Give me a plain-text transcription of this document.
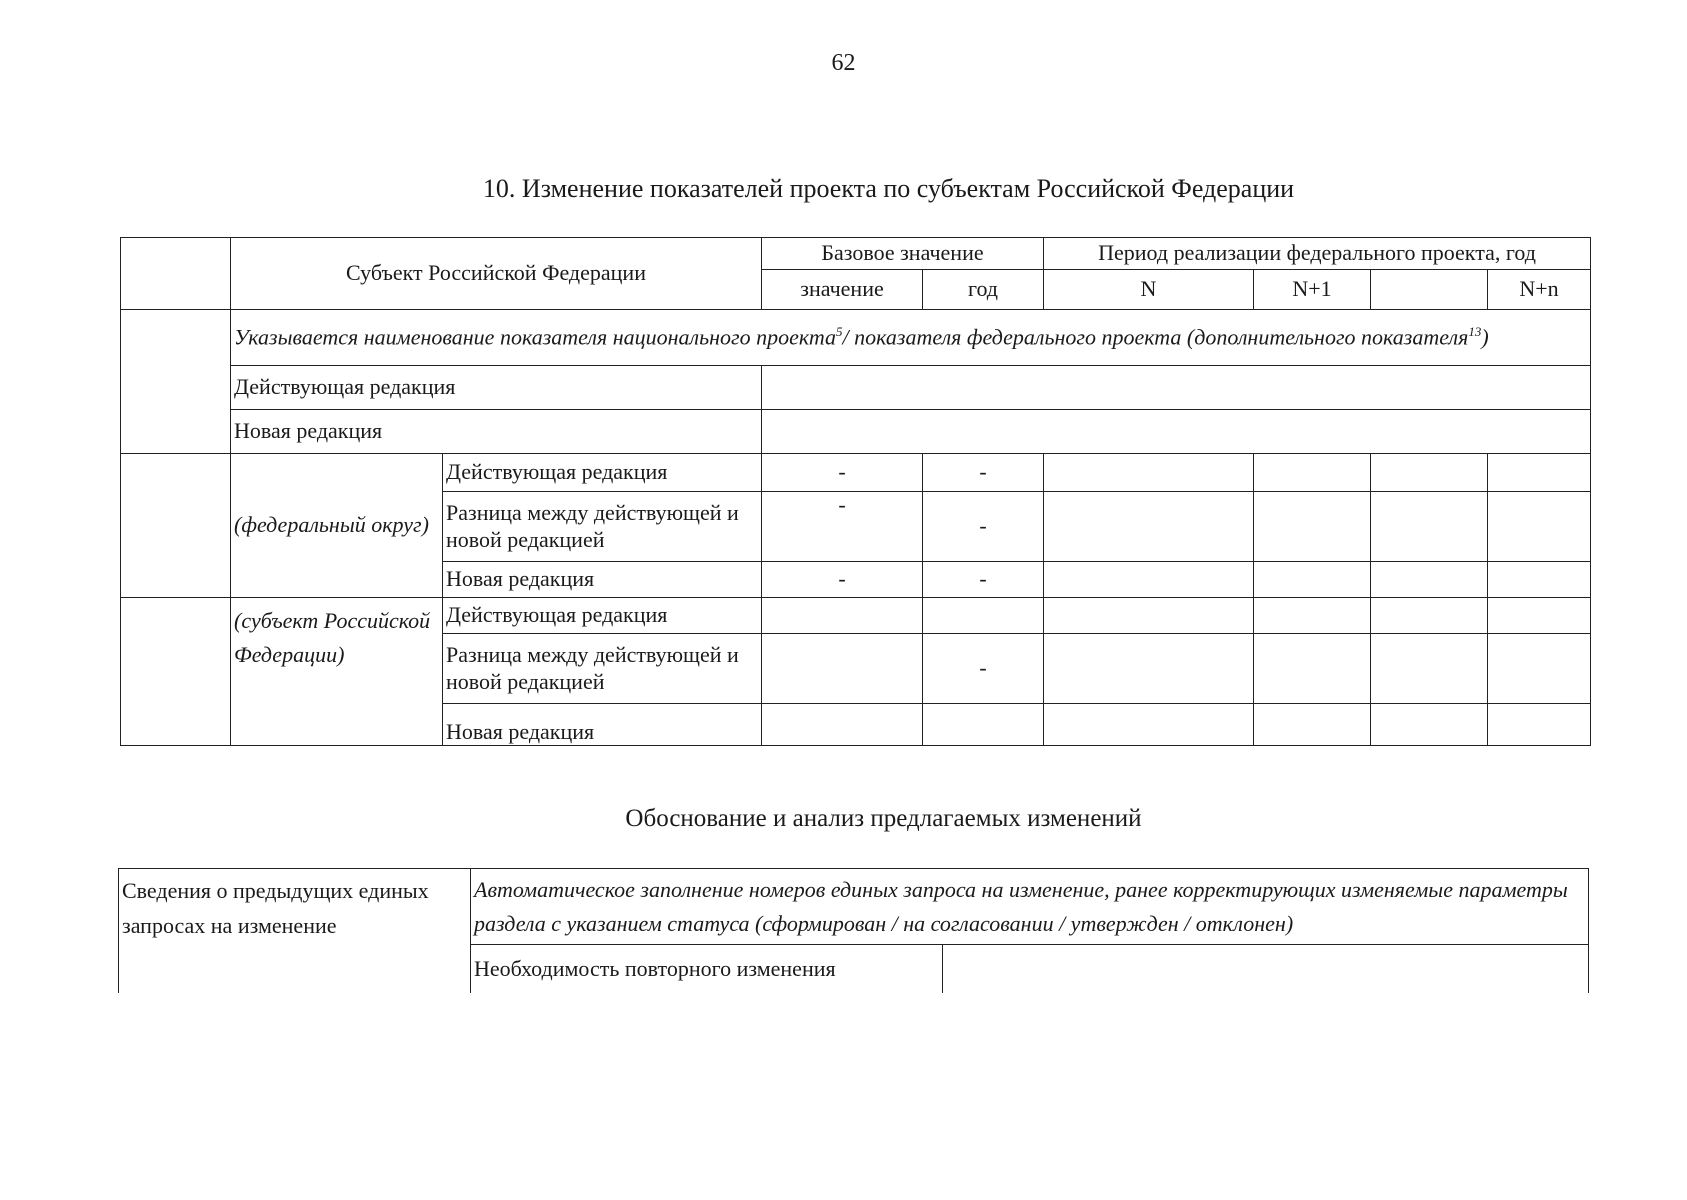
62
10. Изменение показателей проекта по субъектам Российской Федерации
	Субъект Российской Федерации		Базовое значение		Период реализации федерального проекта, год			
			значение	год	N	N+1		N+n
	Указывается наименование показателя национального проекта$^5$/ показателя федерального проекта (дополнительного показателя$^{13}$)							
	Действующая редакция							
	Новая редакция							
	(федеральный округ)	Действующая редакция	-	-				
		Разница между действующей и новой редакцией	-	-				
		Новая редакция	-	-				
	(субъект Российской Федерации)	Действующая редакция						
		Разница между действующей и новой редакцией		-				
		Новая редакция						
Обоснование и анализ предлагаемых изменений
Сведения о предыдущих единых запросах на изменение	Автоматическое заполнение номеров единых запроса на изменение, ранее корректирующих изменяемые параметры раздела с указанием статуса (сформирован / на согласовании / утвержден / отклонен)	
	Необходимость повторного изменения	
